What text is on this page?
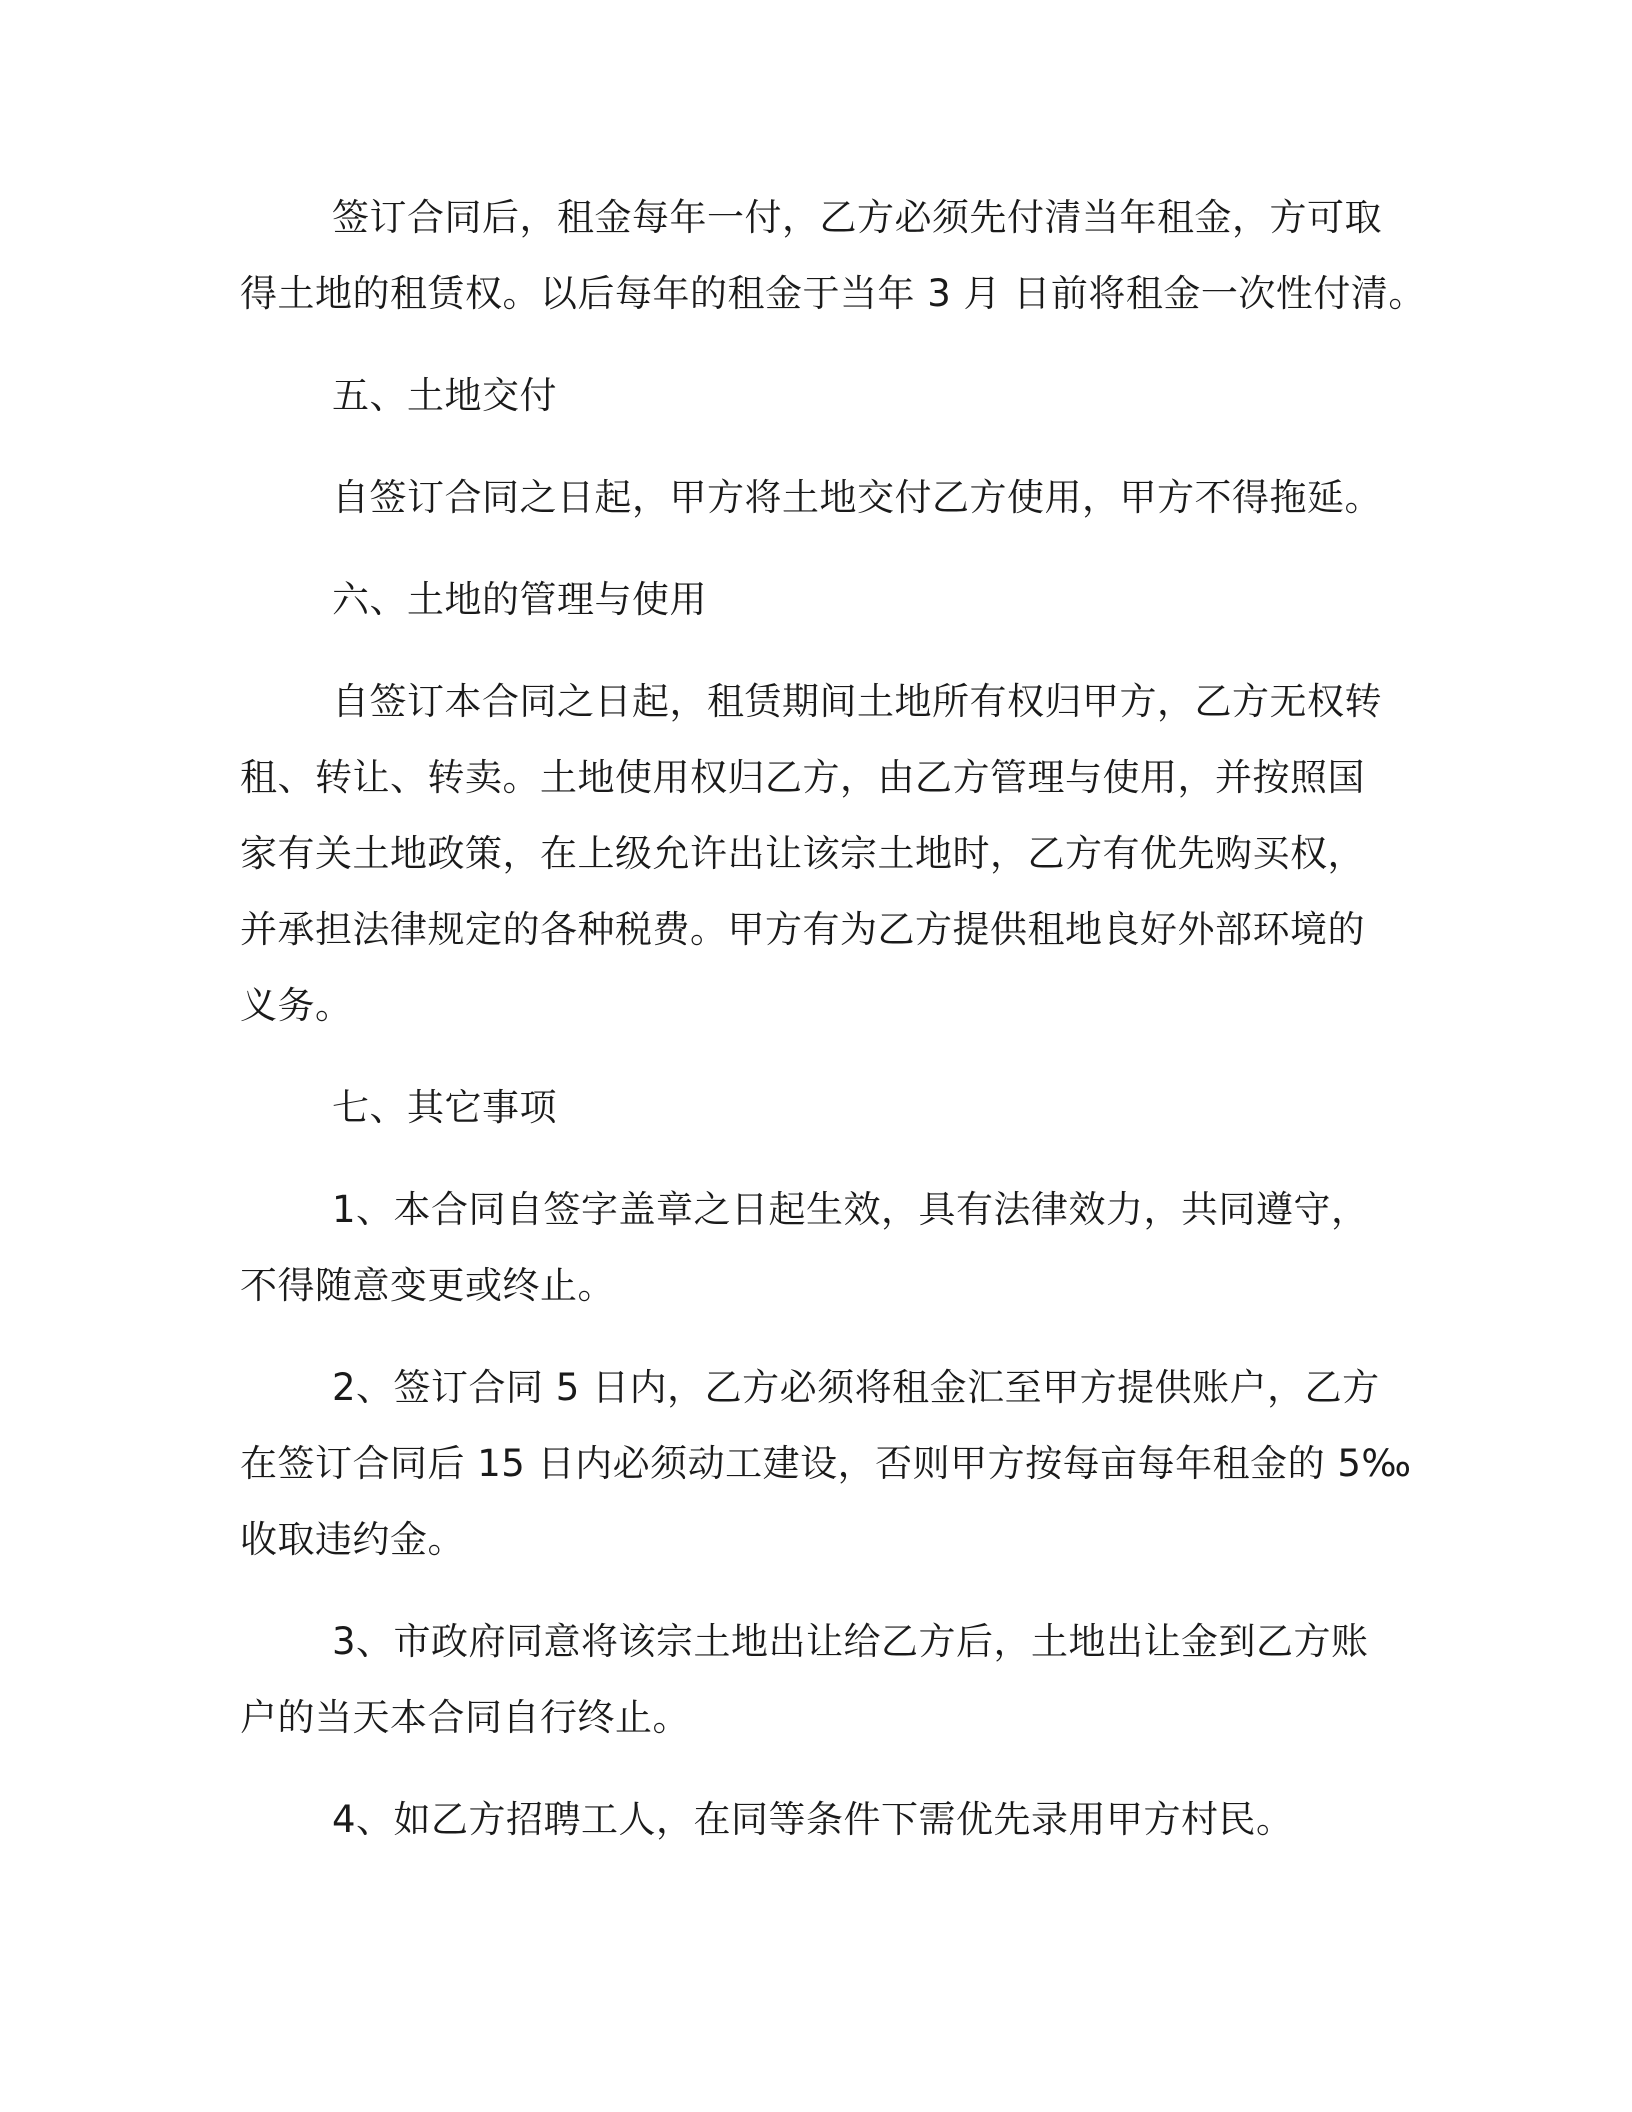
签订合同后，租金每年一付，乙方必须先付清当年租金，方可取

得土地的租赁权。以后每年的租金于当年 3 月 日前将租金一次性付清。

五、土地交付

自签订合同之日起，甲方将土地交付乙方使用，甲方不得拖延。

六、土地的管理与使用

自签订本合同之日起，租赁期间土地所有权归甲方，乙方无权转

租、转让、转卖。土地使用权归乙方，由乙方管理与使用，并按照国

家有关土地政策，在上级允许出让该宗土地时，乙方有优先购买权，

并承担法律规定的各种税费。甲方有为乙方提供租地良好外部环境的

义务。

七、其它事项

1、本合同自签字盖章之日起生效，具有法律效力，共同遵守，

不得随意变更或终止。

2、签订合同 5 日内，乙方必须将租金汇至甲方提供账户，乙方

在签订合同后 15 日内必须动工建设，否则甲方按每亩每年租金的 5‰

收取违约金。

3、市政府同意将该宗土地出让给乙方后，土地出让金到乙方账

户的当天本合同自行终止。

4、如乙方招聘工人，在同等条件下需优先录用甲方村民。
